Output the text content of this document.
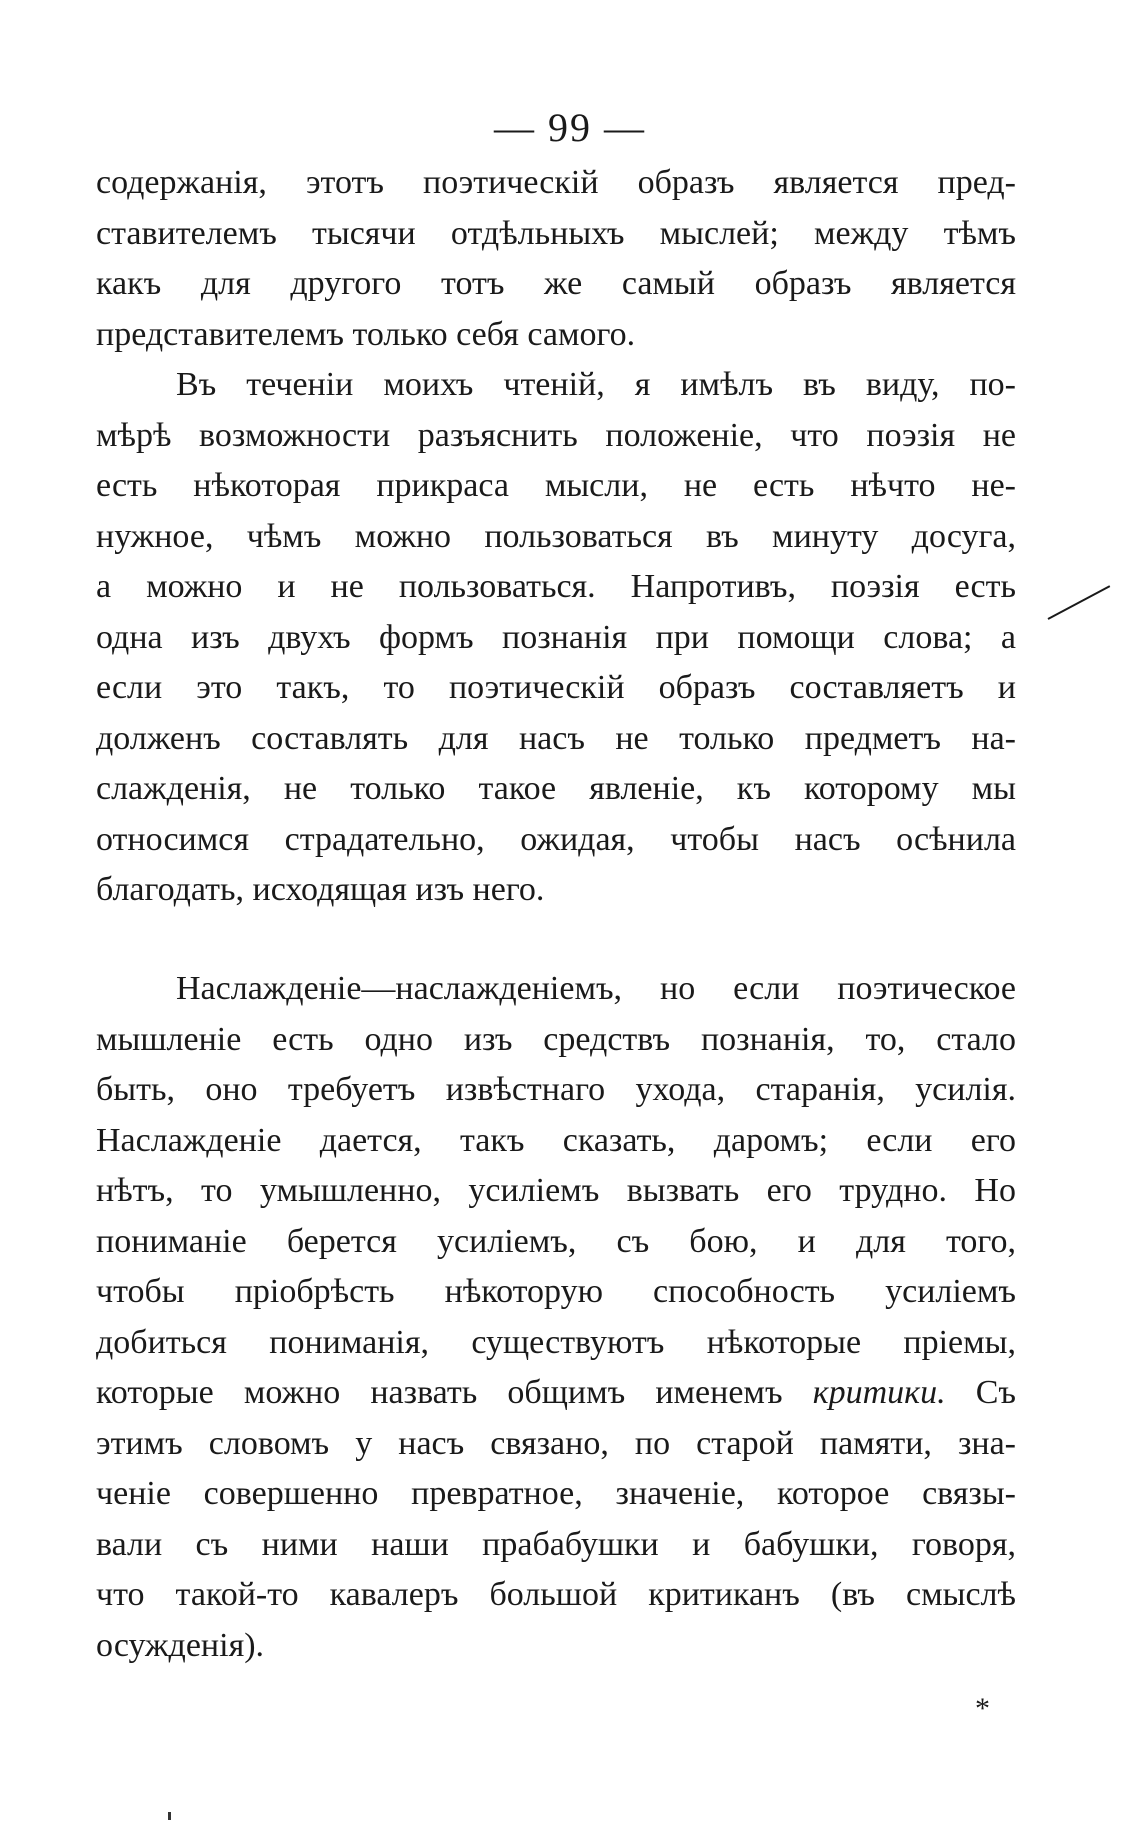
— 99 —
содержанія, этотъ поэтическій образъ является пред-
ставителемъ тысячи отдѣльныхъ мыслей; между тѣмъ
какъ для другого тотъ же самый образъ является
представителемъ только себя самого.
Въ теченіи моихъ чтеній, я имѣлъ въ виду, по-
мѣрѣ возможности разъяснить положеніе, что поэзія не
есть нѣкоторая прикраса мысли, не есть нѣчто не-
нужное, чѣмъ можно пользоваться въ минуту досуга,
а можно и не пользоваться. Напротивъ, поэзія есть
одна изъ двухъ формъ познанія при помощи слова; а
если это такъ, то поэтическій образъ составляетъ и
долженъ составлять для насъ не только предметъ на-
слажденія, не только такое явленіе, къ которому мы
относимся страдательно, ожидая, чтобы насъ осѣнила
благодать, исходящая изъ него.
Наслажденіе—наслажденіемъ, но если поэтическое
мышленіе есть одно изъ средствъ познанія, то, стало
быть, оно требуетъ извѣстнаго ухода, старанія, усилія.
Наслажденіе дается, такъ сказать, даромъ; если его
нѣтъ, то умышленно, усиліемъ вызвать его трудно. Но
пониманіе берется усиліемъ, съ бою, и для того,
чтобы пріобрѣсть нѣкоторую способность усиліемъ
добиться пониманія, существуютъ нѣкоторые пріемы,
которые можно назвать общимъ именемъ критики. Съ
этимъ словомъ у насъ связано, по старой памяти, зна-
ченіе совершенно превратное, значеніе, которое связы-
вали съ ними наши прабабушки и бабушки, говоря,
что такой-то кавалеръ большой критиканъ (въ смыслѣ
осужденія).
*
